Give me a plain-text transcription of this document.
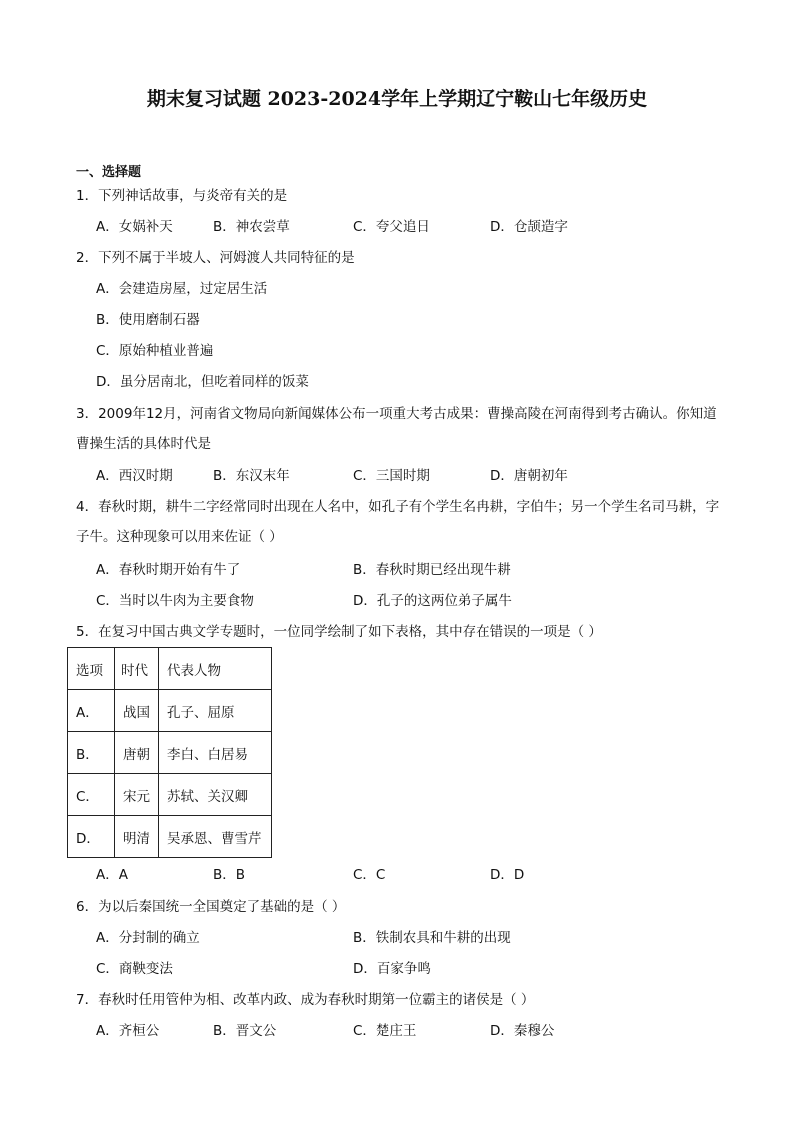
期末复习试题 2023-2024学年上学期辽宁鞍山七年级历史
一、选择题
1．下列神话故事，与炎帝有关的是
A．女娲补天	B．神农尝草	C．夸父追日	D．仓颉造字
2．下列不属于半坡人、河姆渡人共同特征的是
A．会建造房屋，过定居生活
B．使用磨制石器
C．原始种植业普遍
D．虽分居南北，但吃着同样的饭菜
3．2009年12月，河南省文物局向新闻媒体公布一项重大考古成果：曹操高陵在河南得到考古确认。你知道曹操生活的具体时代是
A．西汉时期	B．东汉末年	C．三国时期	D．唐朝初年
4．春秋时期，耕牛二字经常同时出现在人名中，如孔子有个学生名冉耕，字伯牛；另一个学生名司马耕，字子牛。这种现象可以用来佐证（ ）
A．春秋时期开始有牛了	B．春秋时期已经出现牛耕
C．当时以牛肉为主要食物	D．孔子的这两位弟子属牛
5．在复习中国古典文学专题时，一位同学绘制了如下表格，其中存在错误的一项是（ ）
选项	时代	代表人物
A．	战国	孔子、屈原
B．	唐朝	李白、白居易
C．	宋元	苏轼、关汉卿
D．	明清	吴承恩、曹雪芹
A．A	B．B	C．C	D．D
6．为以后秦国统一全国奠定了基础的是（ ）
A．分封制的确立	B．铁制农具和牛耕的出现
C．商鞅变法	D．百家争鸣
7．春秋时任用管仲为相、改革内政、成为春秋时期第一位霸主的诸侯是（ ）
A．齐桓公	B．晋文公	C．楚庄王	D．秦穆公
